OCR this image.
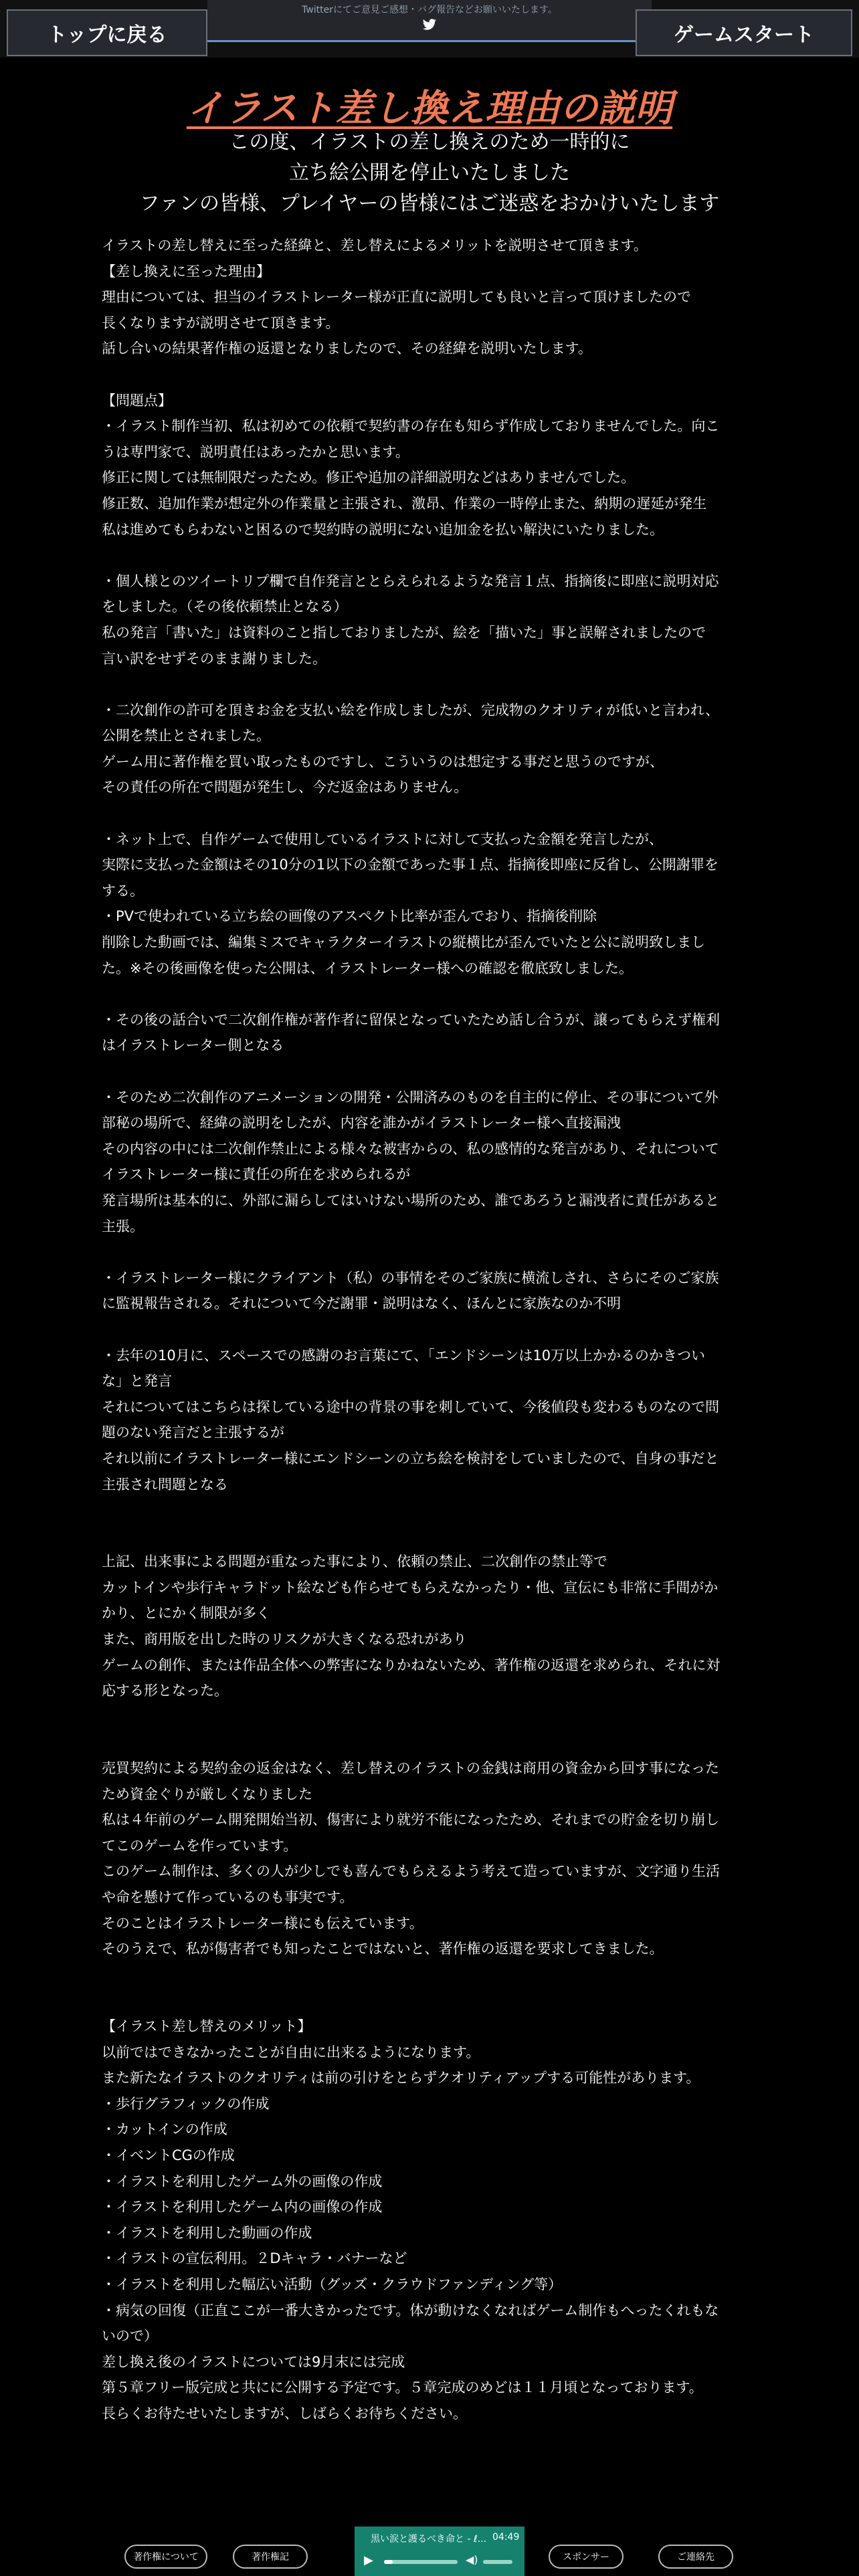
Twitterにてご意見ご感想・バグ報告などお願いいたします。
トップに戻る	ゲームスタート
イラスト差し換え理由の説明
この度、イラストの差し換えのため一時的に
立ち絵公開を停止いたしました
ファンの皆様、プレイヤーの皆様にはご迷惑をおかけいたします
イラストの差し替えに至った経緯と、差し替えによるメリットを説明させて頂きます。
【差し換えに至った理由】
理由については、担当のイラストレーター様が正直に説明しても良いと言って頂けましたので
長くなりますが説明させて頂きます。
話し合いの結果著作権の返還となりましたので、その経緯を説明いたします。
【問題点】
・イラスト制作当初、私は初めての依頼で契約書の存在も知らず作成しておりませんでした。向こ
うは専門家で、説明責任はあったかと思います。
修正に関しては無制限だったため。修正や追加の詳細説明などはありませんでした。
修正数、追加作業が想定外の作業量と主張され、激昂、作業の一時停止また、納期の遅延が発生
私は進めてもらわないと困るので契約時の説明にない追加金を払い解決にいたりました。
・個人様とのツイートリプ欄で自作発言ととらえられるような発言１点、指摘後に即座に説明対応
をしました。（その後依頼禁止となる）
私の発言「書いた」は資料のこと指しておりましたが、絵を「描いた」事と誤解されましたので
言い訳をせずそのまま謝りました。
・二次創作の許可を頂きお金を支払い絵を作成しましたが、完成物のクオリティが低いと言われ、
公開を禁止とされました。
ゲーム用に著作権を買い取ったものですし、こういうのは想定する事だと思うのですが、
その責任の所在で問題が発生し、今だ返金はありません。
・ネット上で、自作ゲームで使用しているイラストに対して支払った金額を発言したが、
実際に支払った金額はその10分の1以下の金額であった事１点、指摘後即座に反省し、公開謝罪を
する。
・PVで使われている立ち絵の画像のアスペクト比率が歪んでおり、指摘後削除
削除した動画では、編集ミスでキャラクターイラストの縦横比が歪んでいたと公に説明致しまし
た。※その後画像を使った公開は、イラストレーター様への確認を徹底致しました。
・その後の話合いで二次創作権が著作者に留保となっていたため話し合うが、譲ってもらえず権利
はイラストレーター側となる
・そのため二次創作のアニメーションの開発・公開済みのものを自主的に停止、その事について外
部秘の場所で、経緯の説明をしたが、内容を誰かがイラストレーター様へ直接漏洩
その内容の中には二次創作禁止による様々な被害からの、私の感情的な発言があり、それについて
イラストレーター様に責任の所在を求められるが
発言場所は基本的に、外部に漏らしてはいけない場所のため、誰であろうと漏洩者に責任があると
主張。
・イラストレーター様にクライアント（私）の事情をそのご家族に横流しされ、さらにそのご家族
に監視報告される。それについて今だ謝罪・説明はなく、ほんとに家族なのか不明
・去年の10月に、スペースでの感謝のお言葉にて、「エンドシーンは10万以上かかるのかきつい
な」と発言
それについてはこちらは探している途中の背景の事を刺していて、今後値段も変わるものなので問
題のない発言だと主張するが
それ以前にイラストレーター様にエンドシーンの立ち絵を検討をしていましたので、自身の事だと
主張され問題となる
上記、出来事による問題が重なった事により、依頼の禁止、二次創作の禁止等で
カットインや歩行キャラドット絵なども作らせてもらえなかったり・他、宣伝にも非常に手間がか
かり、とにかく制限が多く
また、商用版を出した時のリスクが大きくなる恐れがあり
ゲームの創作、または作品全体への弊害になりかねないため、著作権の返還を求められ、それに対
応する形となった。
売買契約による契約金の返金はなく、差し替えのイラストの金銭は商用の資金から回す事になった
ため資金ぐりが厳しくなりました
私は４年前のゲーム開発開始当初、傷害により就労不能になったため、それまでの貯金を切り崩し
てこのゲームを作っています。
このゲーム制作は、多くの人が少しでも喜んでもらえるよう考えて造っていますが、文字通り生活
や命を懸けて作っているのも事実です。
そのことはイラストレーター様にも伝えています。
そのうえで、私が傷害者でも知ったことではないと、著作権の返還を要求してきました。
【イラスト差し替えのメリット】
以前ではできなかったことが自由に出来るようになります。
また新たなイラストのクオリティは前の引けをとらずクオリティアップする可能性があります。
・歩行グラフィックの作成
・カットインの作成
・イベントCGの作成
・イラストを利用したゲーム外の画像の作成
・イラストを利用したゲーム内の画像の作成
・イラストを利用した動画の作成
・イラストの宣伝利用。２Dキャラ・バナーなど
・イラストを利用した幅広い活動（グッズ・クラウドファンディング等）
・病気の回復（正直ここが一番大きかったです。体が動けなくなればゲーム制作もへったくれもな
いので）
差し換え後のイラストについては9月末には完成
第５章フリー版完成と共にに公開する予定です。５章完成のめどは１１月頃となっております。
長らくお待たせいたしますが、しばらくお待ちください。
著作権について	著作権記
黒い涙と護るべき命と - ℓ... 04:49
▶	◀)	スポンサー	ご連絡先
